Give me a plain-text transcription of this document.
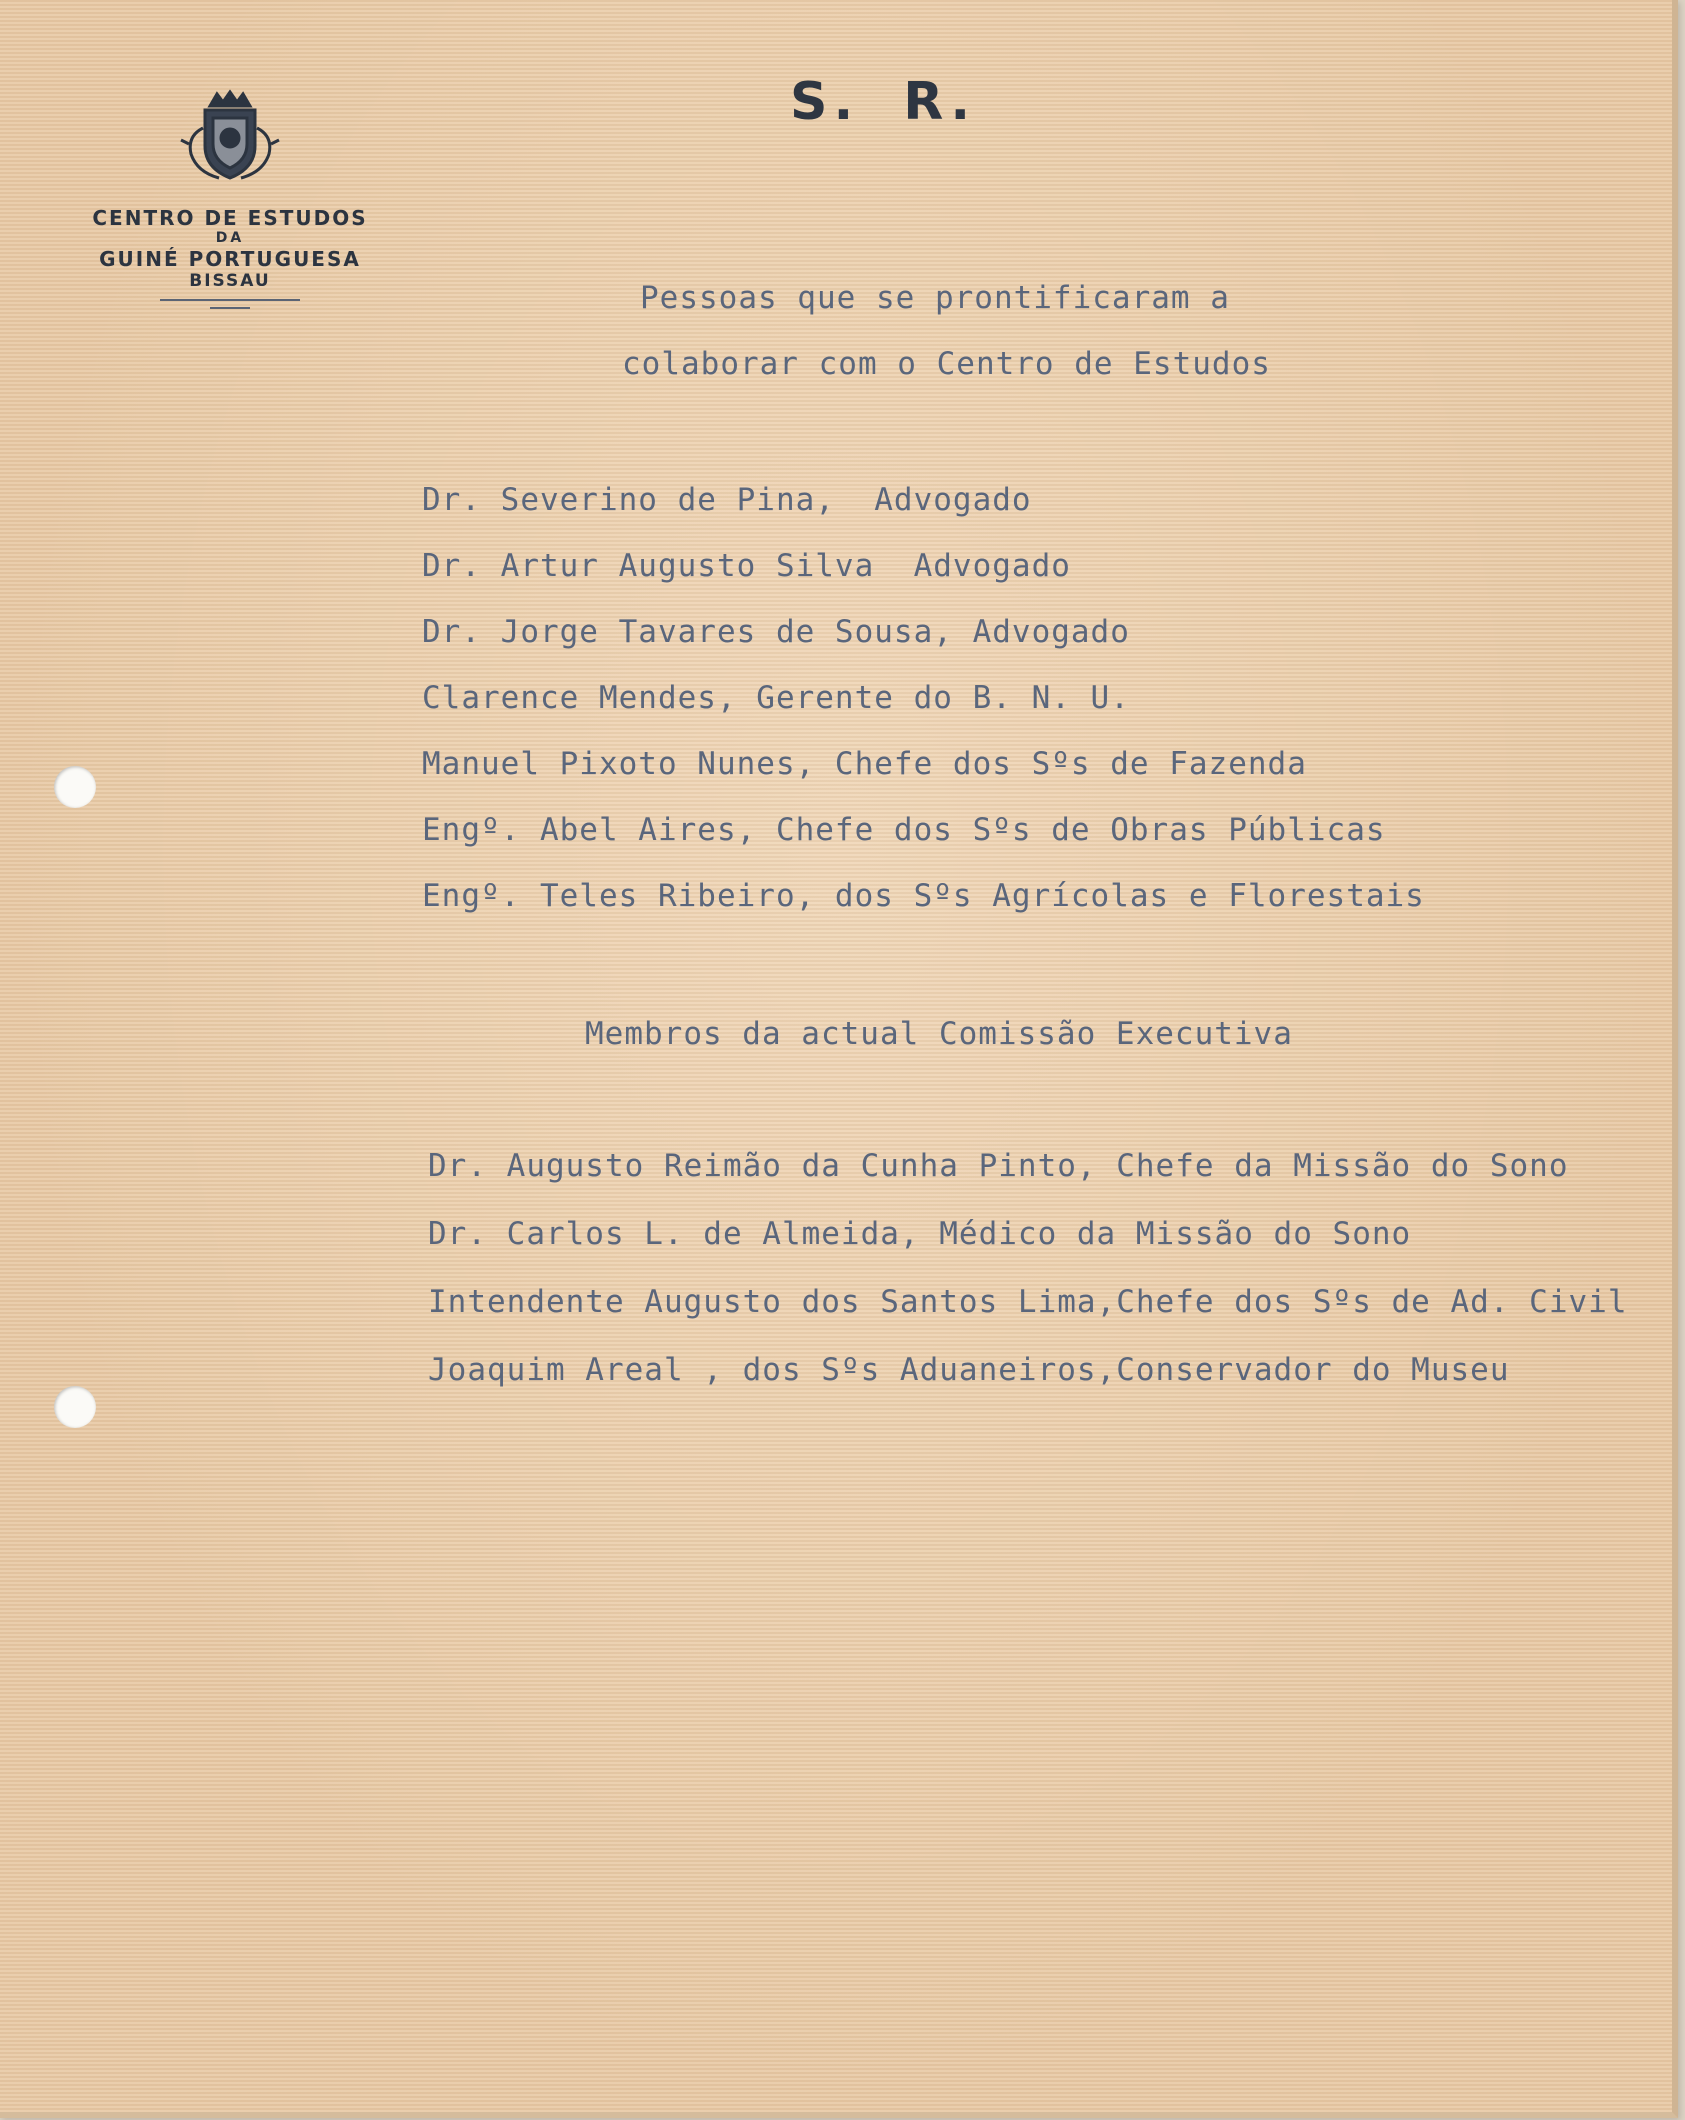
CENTRO DE ESTUDOS
DA
GUINÉ PORTUGUESA
BISSAU
S. R.
Pessoas que se prontificaram a
colaborar com o Centro de Estudos
Dr. Severino de Pina,  Advogado
Dr. Artur Augusto Silva  Advogado
Dr. Jorge Tavares de Sousa, Advogado
Clarence Mendes, Gerente do B. N. U.
Manuel Pixoto Nunes, Chefe dos Sºs de Fazenda
Engº. Abel Aires, Chefe dos Sºs de Obras Públicas
Engº. Teles Ribeiro, dos Sºs Agrícolas e Florestais
Membros da actual Comissão Executiva
Dr. Augusto Reimão da Cunha Pinto, Chefe da Missão do Sono
Dr. Carlos L. de Almeida, Médico da Missão do Sono
Intendente Augusto dos Santos Lima,Chefe dos Sºs de Ad. Civil
Joaquim Areal , dos Sºs Aduaneiros,Conservador do Museu
